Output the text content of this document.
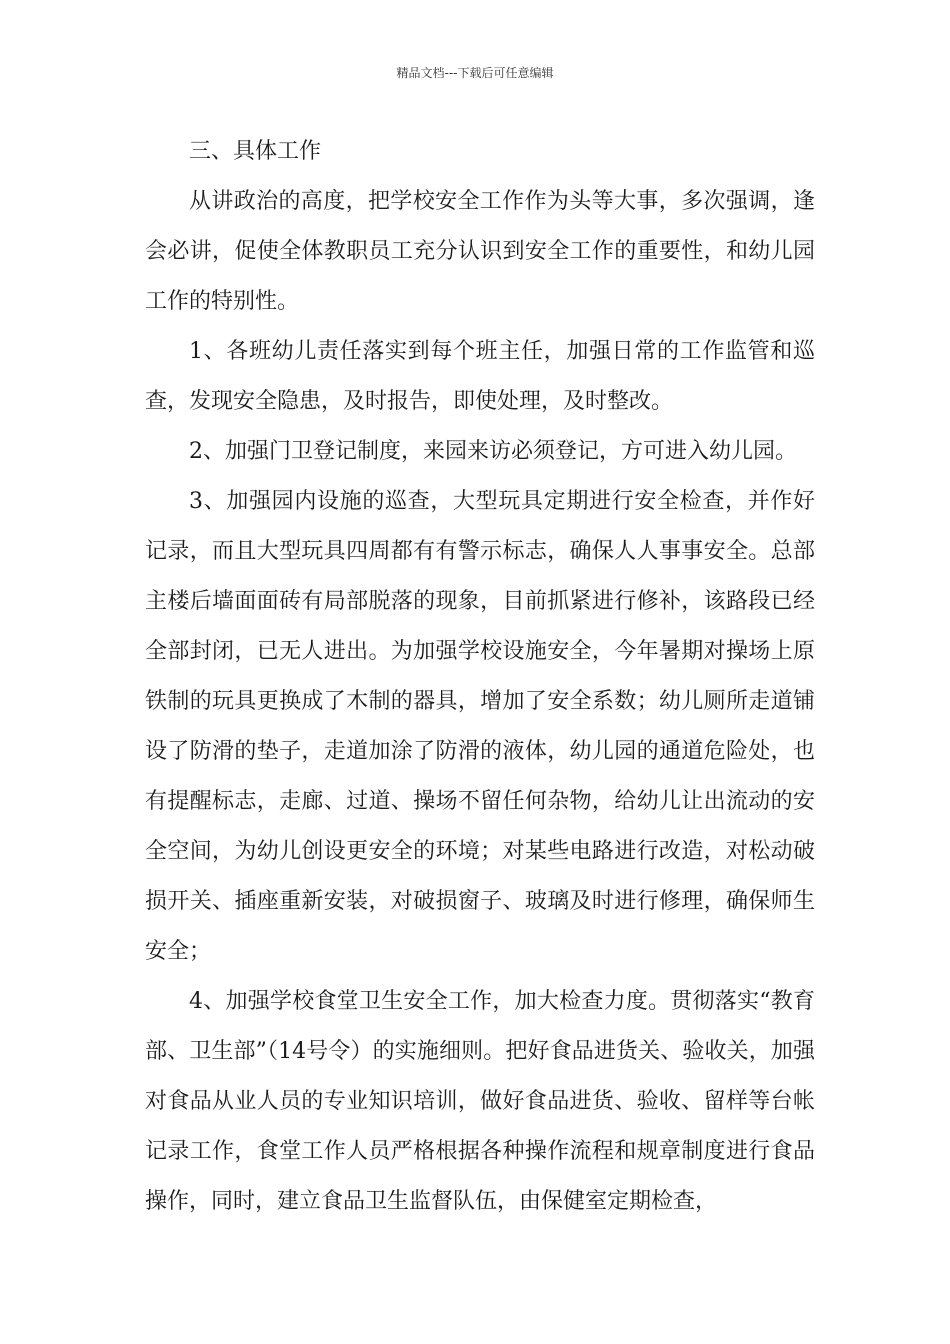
精品文档---下载后可任意编辑

三、具体工作

从讲政治的高度，把学校安全工作作为头等大事，多次强调，逢会必讲，促使全体教职员工充分认识到安全工作的重要性，和幼儿园工作的特别性。

1、各班幼儿责任落实到每个班主任，加强日常的工作监管和巡查，发现安全隐患，及时报告，即使处理，及时整改。

2、加强门卫登记制度，来园来访必须登记，方可进入幼儿园。

3、加强园内设施的巡查，大型玩具定期进行安全检查，并作好记录，而且大型玩具四周都有有警示标志，确保人人事事安全。总部主楼后墙面面砖有局部脱落的现象，目前抓紧进行修补，该路段已经全部封闭，已无人进出。为加强学校设施安全，今年暑期对操场上原铁制的玩具更换成了木制的器具，增加了安全系数；幼儿厕所走道铺设了防滑的垫子，走道加涂了防滑的液体，幼儿园的通道危险处，也有提醒标志，走廊、过道、操场不留任何杂物，给幼儿让出流动的安全空间，为幼儿创设更安全的环境；对某些电路进行改造，对松动破损开关、插座重新安装，对破损窗子、玻璃及时进行修理，确保师生安全；

4、加强学校食堂卫生安全工作，加大检查力度。贯彻落实“教育部、卫生部”（14号令）的实施细则。把好食品进货关、验收关，加强对食品从业人员的专业知识培训，做好食品进货、验收、留样等台帐记录工作，食堂工作人员严格根据各种操作流程和规章制度进行食品操作，同时，建立食品卫生监督队伍，由保健室定期检查，
